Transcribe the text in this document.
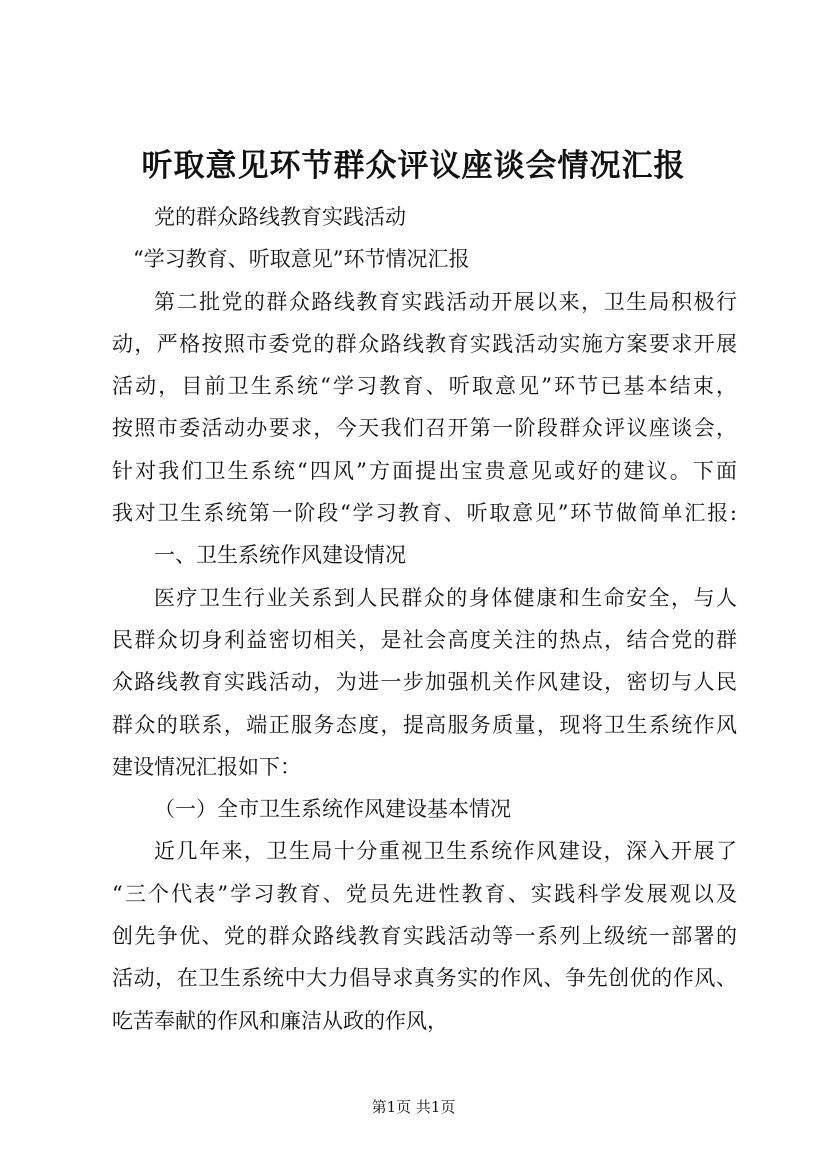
听取意见环节群众评议座谈会情况汇报

党的群众路线教育实践活动

“学习教育、听取意见”环节情况汇报

第二批党的群众路线教育实践活动开展以来，卫生局积极行

动，严格按照市委党的群众路线教育实践活动实施方案要求开展

活动，目前卫生系统“学习教育、听取意见”环节已基本结束，

按照市委活动办要求，今天我们召开第一阶段群众评议座谈会，

针对我们卫生系统“四风”方面提出宝贵意见或好的建议。下面

我对卫生系统第一阶段“学习教育、听取意见”环节做简单汇报:

一、卫生系统作风建设情况

医疗卫生行业关系到人民群众的身体健康和生命安全，与人

民群众切身利益密切相关，是社会高度关注的热点，结合党的群

众路线教育实践活动，为进一步加强机关作风建设，密切与人民

群众的联系，端正服务态度，提高服务质量，现将卫生系统作风

建设情况汇报如下：

（一）全市卫生系统作风建设基本情况

近几年来，卫生局十分重视卫生系统作风建设，深入开展了

“三个代表”学习教育、党员先进性教育、实践科学发展观以及

创先争优、党的群众路线教育实践活动等一系列上级统一部署的

活动，在卫生系统中大力倡导求真务实的作风、争先创优的作风、

吃苦奉献的作风和廉洁从政的作风，

第1页 共1页
